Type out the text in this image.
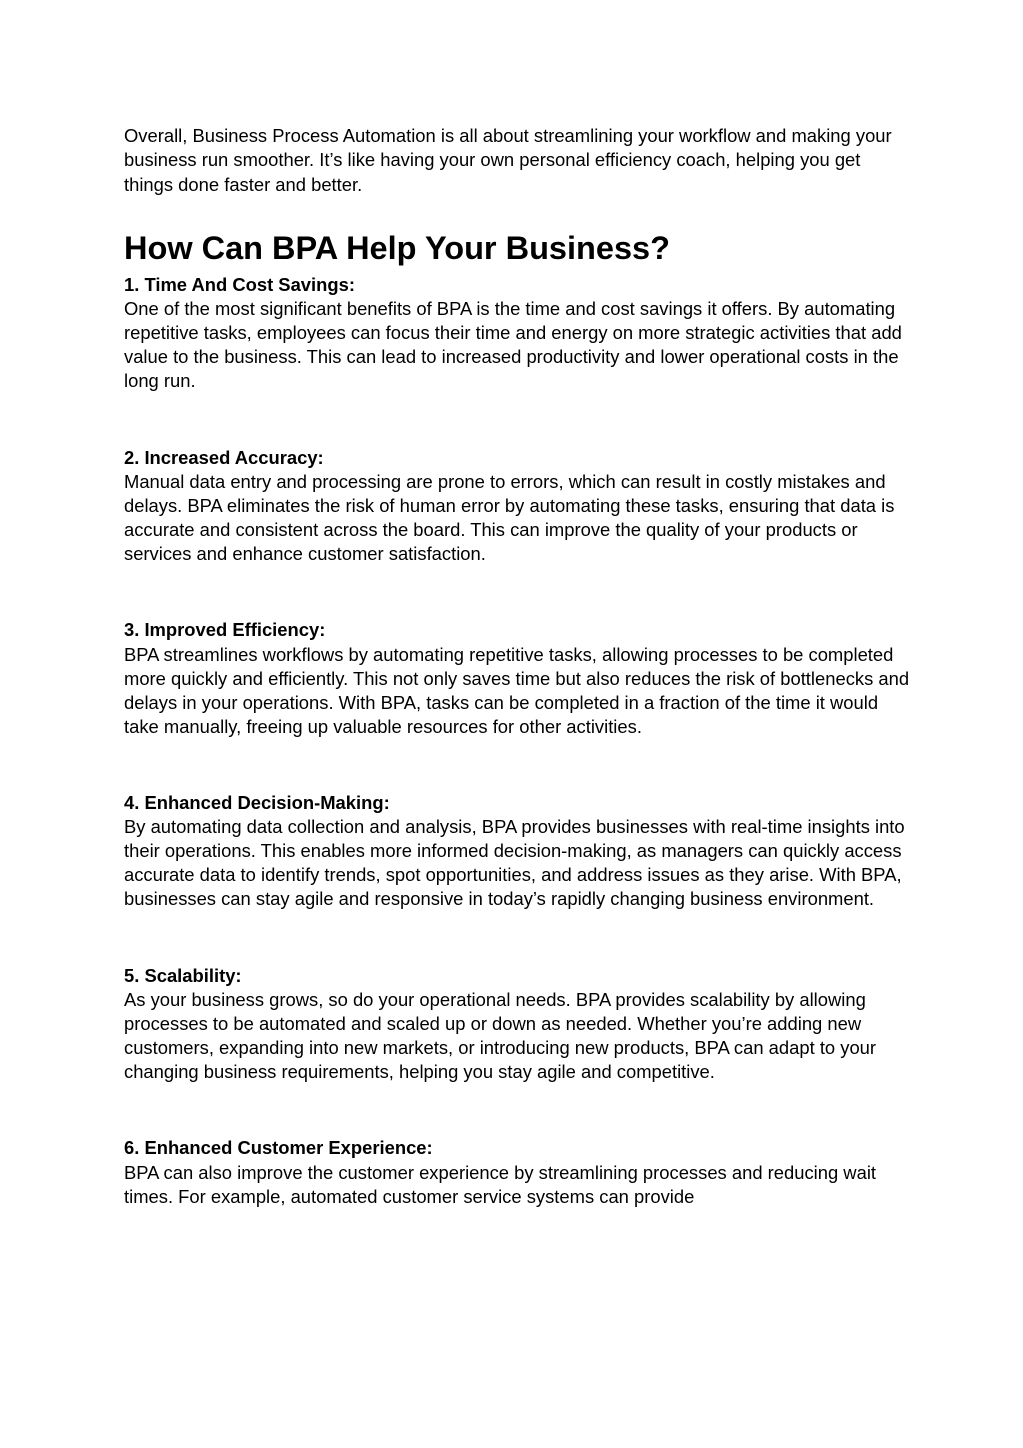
Overall, Business Process Automation is all about streamlining your workflow and making your business run smoother. It’s like having your own personal efficiency coach, helping you get things done faster and better.

How Can BPA Help Your Business?

1. Time And Cost Savings:

One of the most significant benefits of BPA is the time and cost savings it offers. By automating repetitive tasks, employees can focus their time and energy on more strategic activities that add value to the business. This can lead to increased productivity and lower operational costs in the long run.

2. Increased Accuracy:

Manual data entry and processing are prone to errors, which can result in costly mistakes and delays. BPA eliminates the risk of human error by automating these tasks, ensuring that data is accurate and consistent across the board. This can improve the quality of your products or services and enhance customer satisfaction.

3. Improved Efficiency:

BPA streamlines workflows by automating repetitive tasks, allowing processes to be completed more quickly and efficiently. This not only saves time but also reduces the risk of bottlenecks and delays in your operations. With BPA, tasks can be completed in a fraction of the time it would take manually, freeing up valuable resources for other activities.

4. Enhanced Decision-Making:

By automating data collection and analysis, BPA provides businesses with real-time insights into their operations. This enables more informed decision-making, as managers can quickly access accurate data to identify trends, spot opportunities, and address issues as they arise. With BPA, businesses can stay agile and responsive in today’s rapidly changing business environment.

5. Scalability:

As your business grows, so do your operational needs. BPA provides scalability by allowing processes to be automated and scaled up or down as needed. Whether you’re adding new customers, expanding into new markets, or introducing new products, BPA can adapt to your changing business requirements, helping you stay agile and competitive.

6. Enhanced Customer Experience:

BPA can also improve the customer experience by streamlining processes and reducing wait times. For example, automated customer service systems can provide
